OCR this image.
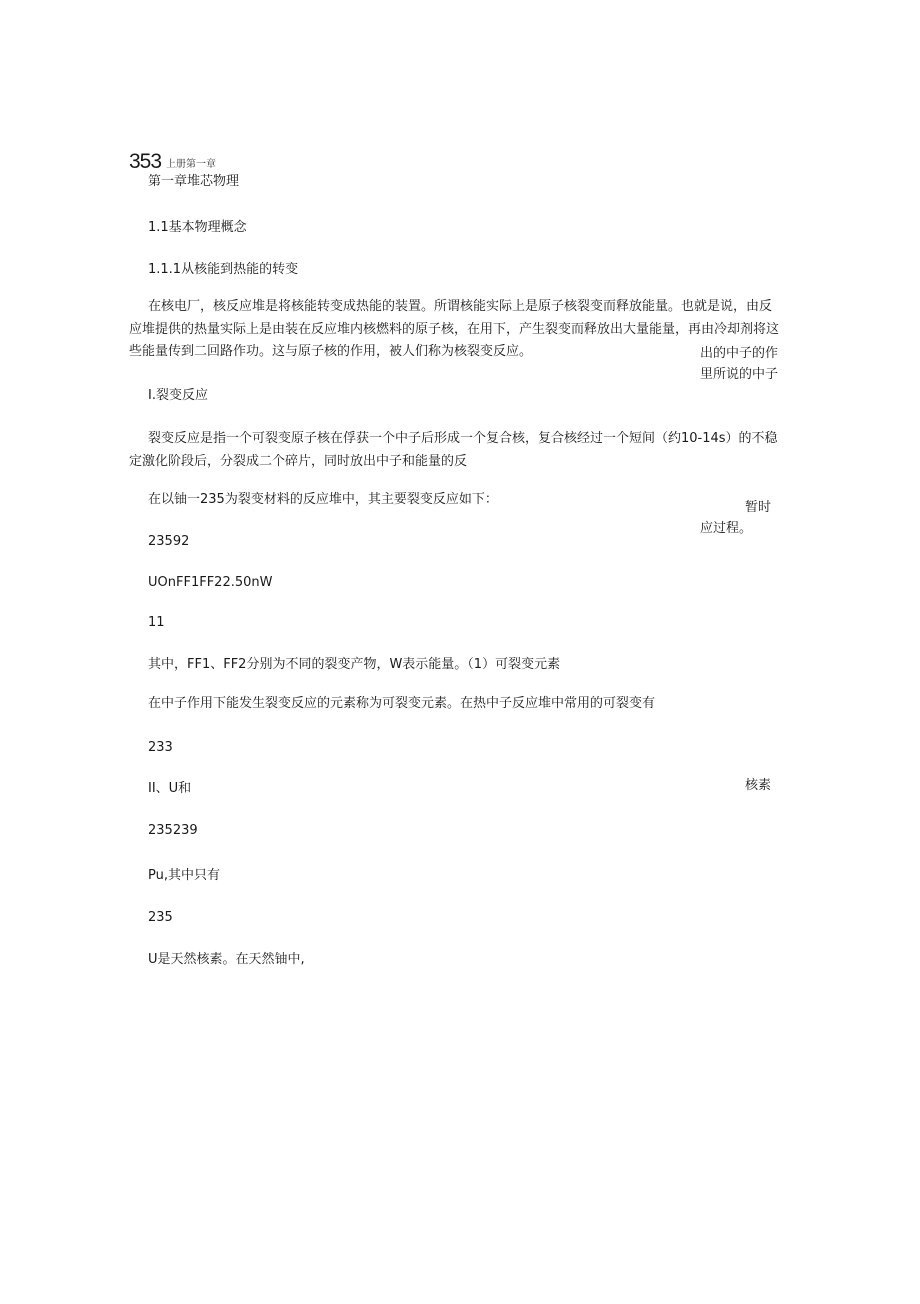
353 上册第一章
第一章堆芯物理
1.1基本物理概念
1.1.1从核能到热能的转变
在核电厂，核反应堆是将核能转变成热能的装置。所谓核能实际上是原子核裂变而释放能量。也就是说，由反应堆提供的热量实际上是由装在反应堆内核燃料的原子核，在用下，产生裂变而释放出大量能量，再由冷却剂将这些能量传到二回路作功。这与原子核的作用，被人们称为核裂变反应。	出的中子的作
里所说的中子
I.裂变反应
裂变反应是指一个可裂变原子核在俘获一个中子后形成一个复合核，复合核经过一个短间（约10-14s）的不稳定激化阶段后，分裂成二个碎片，同时放出中子和能量的反
在以铀一235为裂变材料的反应堆中，其主要裂变反应如下：
暂时
应过程。
23592
UOnFF1FF22.50nW
11
其中，FF1、FF2分别为不同的裂变产物，W表示能量。（1）可裂变元素
在中子作用下能发生裂变反应的元素称为可裂变元素。在热中子反应堆中常用的可裂变有
233
II、U和	核素
235239
Pu,其中只有
235
U是天然核素。在天然铀中,
